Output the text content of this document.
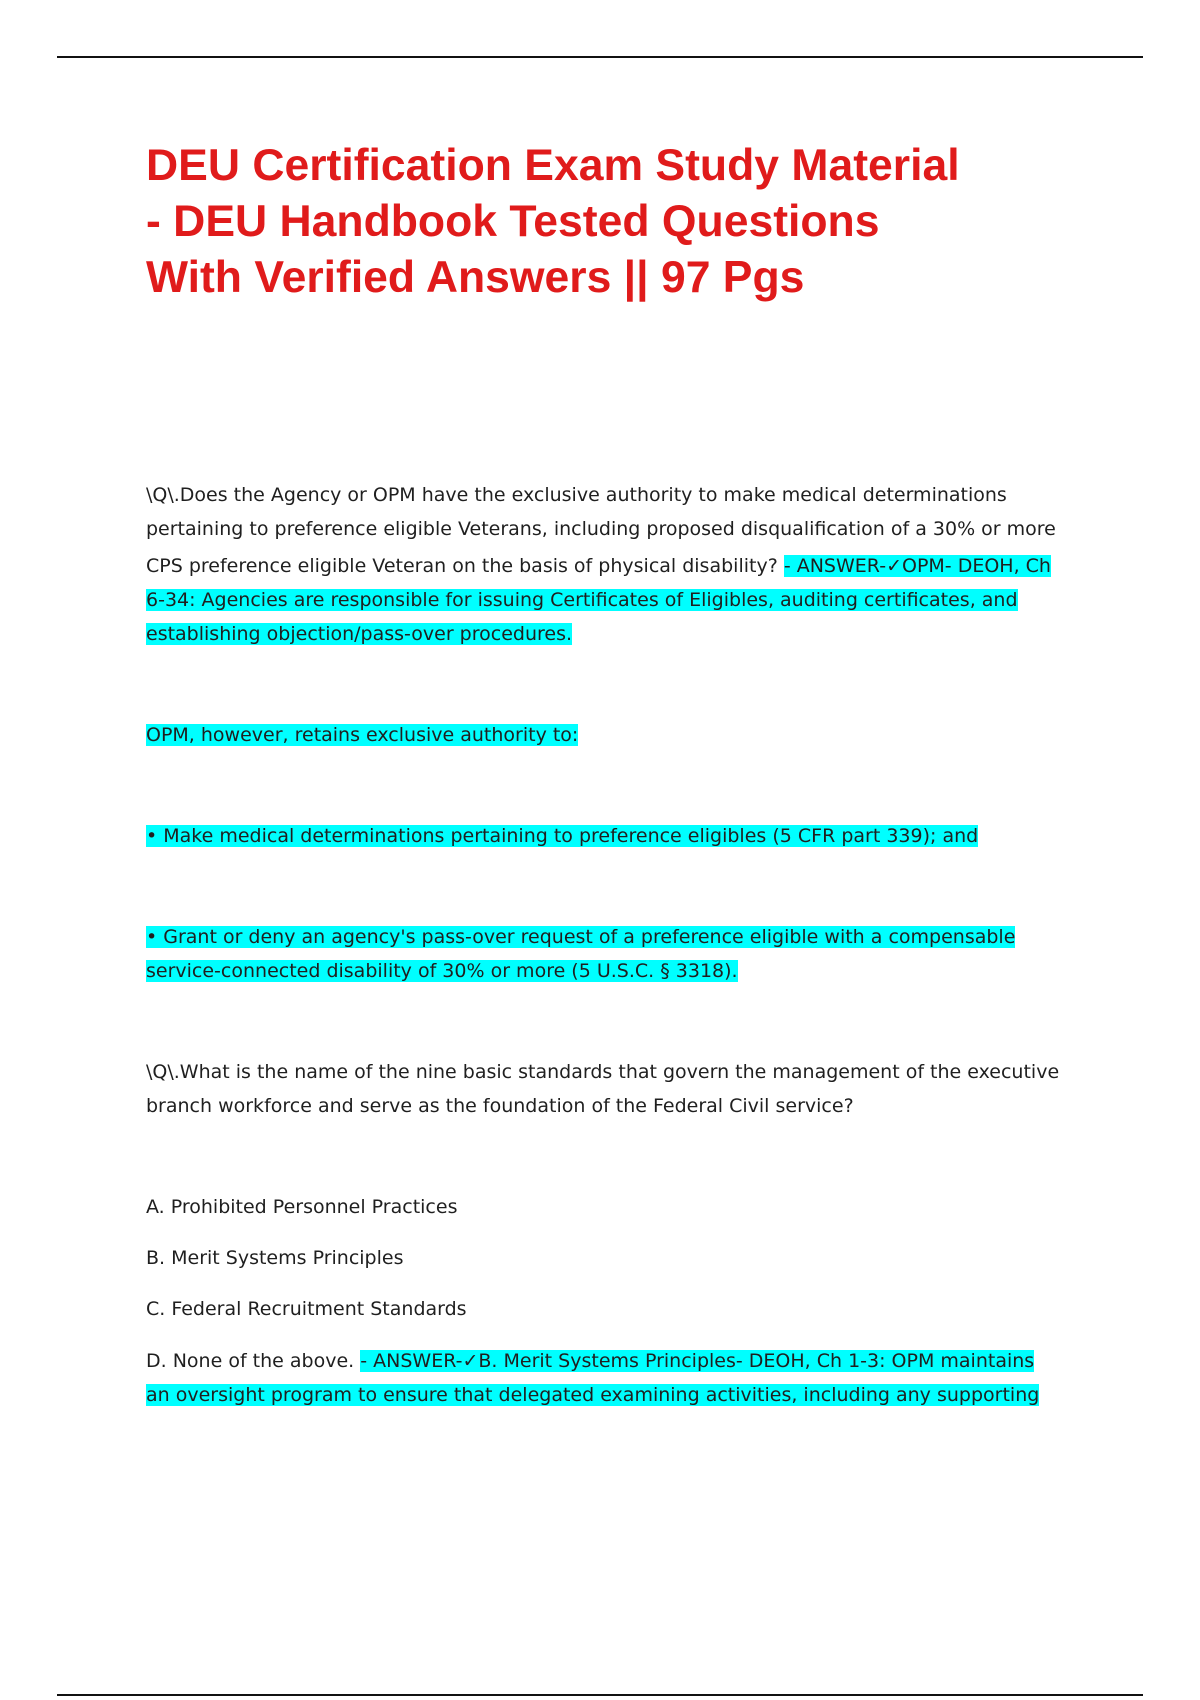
DEU Certification Exam Study Material
- DEU Handbook Tested Questions
With Verified Answers || 97 Pgs
\Q\.Does the Agency or OPM have the exclusive authority to make medical determinations
pertaining to preference eligible Veterans, including proposed disqualification of a 30% or more
CPS preference eligible Veteran on the basis of physical disability? - ANSWER-✓OPM- DEOH, Ch
6-34: Agencies are responsible for issuing Certificates of Eligibles, auditing certificates, and
establishing objection/pass-over procedures.
OPM, however, retains exclusive authority to:
• Make medical determinations pertaining to preference eligibles (5 CFR part 339); and
• Grant or deny an agency's pass-over request of a preference eligible with a compensable
service-connected disability of 30% or more (5 U.S.C. § 3318).
\Q\.What is the name of the nine basic standards that govern the management of the executive
branch workforce and serve as the foundation of the Federal Civil service?
A. Prohibited Personnel Practices
B. Merit Systems Principles
C. Federal Recruitment Standards
D. None of the above. - ANSWER-✓B. Merit Systems Principles- DEOH, Ch 1-3: OPM maintains
an oversight program to ensure that delegated examining activities, including any supporting
